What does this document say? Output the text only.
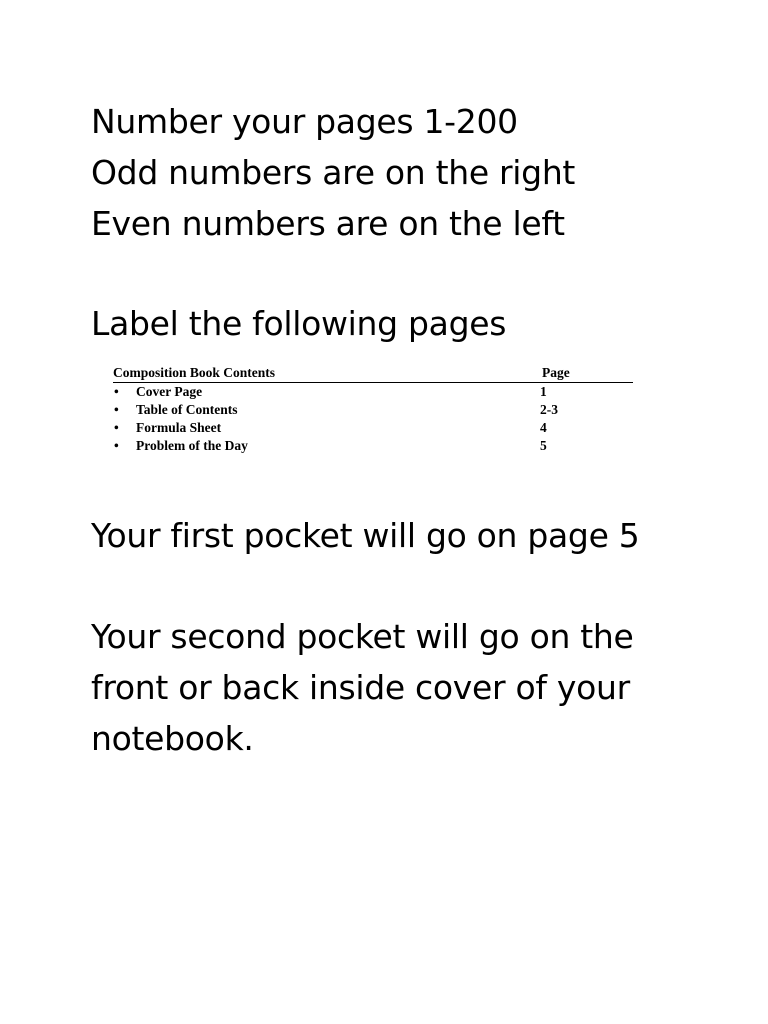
Number your pages 1-200
Odd numbers are on the right
Even numbers are on the left

Label the following pages

Composition Book Contents	Page
• Cover Page	1
• Table of Contents	2-3
• Formula Sheet	4
• Problem of the Day	5

Your first pocket will go on page 5

Your second pocket will go on the
front or back inside cover of your
notebook.
